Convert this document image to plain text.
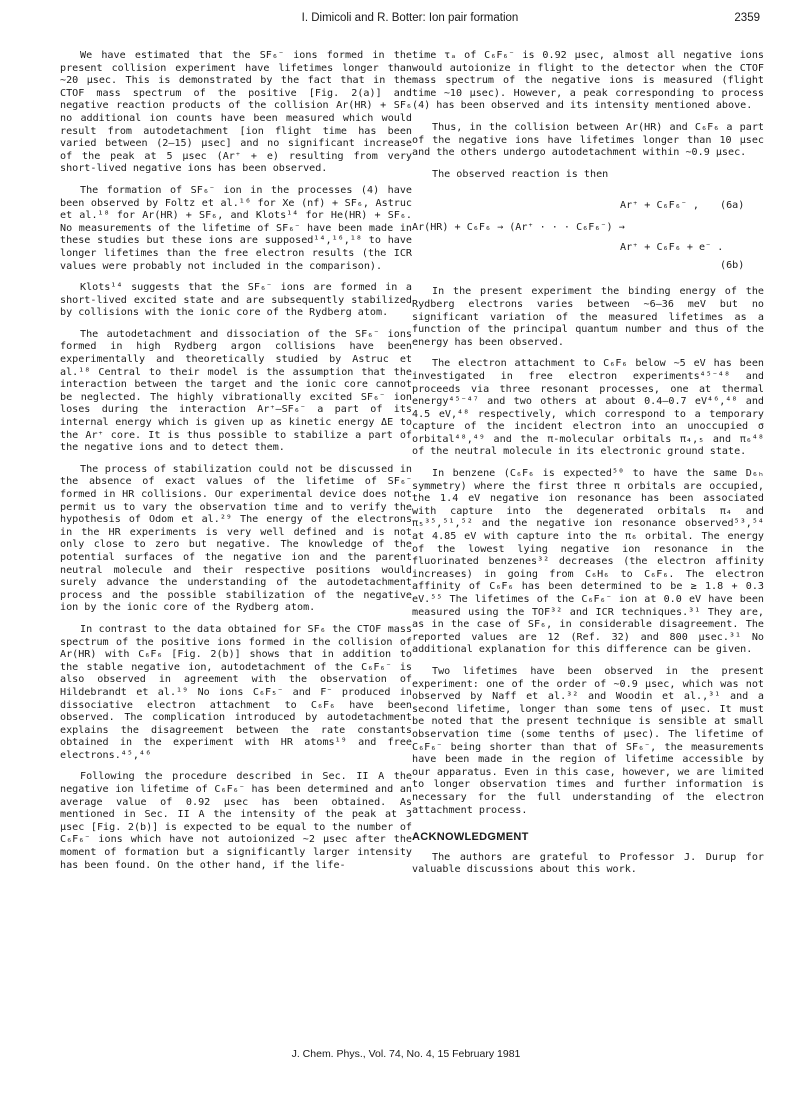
I. Dimicoli and R. Botter: Ion pair formation	2359

We have estimated that the SF₆⁻ ions formed in the present collision experiment have lifetimes longer than ~20 μsec. This is demonstrated by the fact that in the CTOF mass spectrum of the positive [Fig. 2(a)] and negative reaction products of the collision Ar(HR) + SF₆ no additional ion counts have been measured which would result from autodetachment [ion flight time has been varied between (2–15) μsec] and no significant increase of the peak at 5 μsec (Ar⁺ + e) resulting from very short-lived negative ions has been observed.

The formation of SF₆⁻ ion in the processes (4) have been observed by Foltz et al.¹⁶ for Xe (nf) + SF₆, Astruc et al.¹⁸ for Ar(HR) + SF₆, and Klots¹⁴ for He(HR) + SF₆. No measurements of the lifetime of SF₆⁻ have been made in these studies but these ions are supposed¹⁴,¹⁶,¹⁸ to have longer lifetimes than the free electron results (the ICR values were probably not included in the comparison).

Klots¹⁴ suggests that the SF₆⁻ ions are formed in a short-lived excited state and are subsequently stabilized by collisions with the ionic core of the Rydberg atom.

The autodetachment and dissociation of the SF₆⁻ ions formed in high Rydberg argon collisions have been experimentally and theoretically studied by Astruc et al.¹⁸ Central to their model is the assumption that the interaction between the target and the ionic core cannot be neglected. The highly vibrationally excited SF₆⁻ ion loses during the interaction Ar⁺–SF₆⁻ a part of its internal energy which is given up as kinetic energy ΔE to the Ar⁺ core. It is thus possible to stabilize a part of the negative ions and to detect them.

The process of stabilization could not be discussed in the absence of exact values of the lifetime of SF₆⁻ formed in HR collisions. Our experimental device does not permit us to vary the observation time and to verify the hypothesis of Odom et al.²⁹ The energy of the electrons in the HR experiments is very well defined and is not only close to zero but negative. The knowledge of the potential surfaces of the negative ion and the parent neutral molecule and their respective positions would surely advance the understanding of the autodetachment process and the possible stabilization of the negative ion by the ionic core of the Rydberg atom.

In contrast to the data obtained for SF₆ the CTOF mass spectrum of the positive ions formed in the collision of Ar(HR) with C₆F₆ [Fig. 2(b)] shows that in addition to the stable negative ion, autodetachment of the C₆F₆⁻ is also observed in agreement with the observation of Hildebrandt et al.¹⁹ No ions C₆F₅⁻ and F⁻ produced in dissociative electron attachment to C₆F₆ have been observed. The complication introduced by autodetachment explains the disagreement between the rate constants obtained in the experiment with HR atoms¹⁹ and free electrons.⁴⁵,⁴⁶

Following the procedure described in Sec. II A the negative ion lifetime of C₆F₆⁻ has been determined and an average value of 0.92 μsec has been obtained. As mentioned in Sec. II A the intensity of the peak at 3 μsec [Fig. 2(b)] is expected to be equal to the number of C₆F₆⁻ ions which have not autoionized ~2 μsec after the moment of formation but a significantly larger intensity has been found. On the other hand, if the life-

time τₐ of C₆F₆⁻ is 0.92 μsec, almost all negative ions would autoionize in flight to the detector when the CTOF mass spectrum of the negative ions is measured (flight time ~10 μsec). However, a peak corresponding to process (4) has been observed and its intensity mentioned above.

Thus, in the collision between Ar(HR) and C₆F₆ a part of the negative ions have lifetimes longer than 10 μsec and the others undergo autodetachment within ~0.9 μsec.

The observed reaction is then

Ar(HR) + C₆F₆ → (Ar⁺ · · · C₆F₆⁻) →
Ar⁺ + C₆F₆⁻ , (6a)
Ar⁺ + C₆F₆ + e⁻ .
(6b)

In the present experiment the binding energy of the Rydberg electrons varies between ~6–36 meV but no significant variation of the measured lifetimes as a function of the principal quantum number and thus of the energy has been observed.

The electron attachment to C₆F₆ below ~5 eV has been investigated in free electron experiments⁴⁵⁻⁴⁸ and proceeds via three resonant processes, one at thermal energy⁴⁵⁻⁴⁷ and two others at about 0.4–0.7 eV⁴⁶,⁴⁸ and 4.5 eV,⁴⁸ respectively, which correspond to a temporary capture of the incident electron into an unoccupied σ orbital⁴⁸,⁴⁹ and the π-molecular orbitals π₄,₅ and π₆⁴⁸ of the neutral molecule in its electronic ground state.

In benzene (C₆F₆ is expected⁵⁰ to have the same D₆ₕ symmetry) where the first three π orbitals are occupied, the 1.4 eV negative ion resonance has been associated with capture into the degenerated orbitals π₄ and π₅³⁵,⁵¹,⁵² and the negative ion resonance observed⁵³,⁵⁴ at 4.85 eV with capture into the π₆ orbital. The energy of the lowest lying negative ion resonance in the fluorinated benzenes³² decreases (the electron affinity increases) in going from C₆H₆ to C₆F₆. The electron affinity of C₆F₆ has been determined to be ≥ 1.8 + 0.3 eV.⁵⁵ The lifetimes of the C₆F₆⁻ ion at 0.0 eV have been measured using the TOF³² and ICR techniques.³¹ They are, as in the case of SF₆, in considerable disagreement. The reported values are 12 (Ref. 32) and 800 μsec.³¹ No additional explanation for this difference can be given.

Two lifetimes have been observed in the present experiment: one of the order of ~0.9 μsec, which was not observed by Naff et al.³² and Woodin et al.,³¹ and a second lifetime, longer than some tens of μsec. It must be noted that the present technique is sensible at small observation time (some tenths of μsec). The lifetime of C₆F₆⁻ being shorter than that of SF₆⁻, the measurements have been made in the region of lifetime accessible by our apparatus. Even in this case, however, we are limited to longer observation times and further information is necessary for the full understanding of the electron attachment process.

ACKNOWLEDGMENT

The authors are grateful to Professor J. Durup for valuable discussions about this work.

J. Chem. Phys., Vol. 74, No. 4, 15 February 1981
